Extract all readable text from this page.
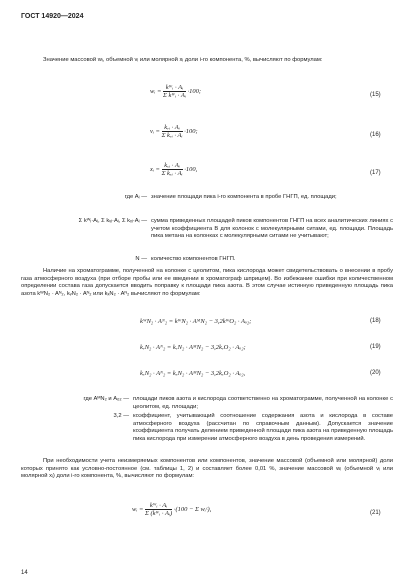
ГОСТ 14920—2024
Значение массовой wᵢ, объемной vᵢ или молярной xᵢ доли i-го компонента, %, вычисляют по формулам:
wᵢ = $\frac{\text{kᵂᵢ · Aᵢ}}{\text{Σ kᵂᵢ · Aᵢ}} \cdot 100$;
(15)
vᵢ = $\frac{\text{kᵥᵢ · Aᵢ}}{\text{Σ kᵥᵢ · Aᵢ}} \cdot 100$;
(16)
xᵢ = $\frac{\text{kₓᵢ · Aᵢ}}{\text{Σ kₓᵢ · Aᵢ}} \cdot 100$,
(17)
где Aᵢ — значение площади пика i-го компонента в пробе ГНГП, ед. площади;
Σ kᵂᵢ·Aᵢ, Σ kᵥᵢ·Aᵢ, Σ kₓᵢ·Aᵢ — сумма приведенных площадей пиков компонентов ГНГП на всех аналитических линиях с учетом коэффициента B для колонок с молекулярными ситами, ед. площади. Площадь пика метана на колонках с молекулярными ситами не учитывают;
N — количество компонентов ГНГП.
Наличие на хроматограмме, полученной на колонке с цеолитом, пика кислорода может свидетельствовать о внесении в пробу газа атмосферного воздуха (при отборе пробы или ее введении в хроматограф шприцем). Во избежание ошибки при количественном определении состава газа допускается вводить поправку к площади пика азота. В этом случае истинную приведенную площадь пика азота kᵂN₂ · Aᴺ₂, kᵥN₂ · Aᴺ₂ или kₓN₂ · Aᴺ₂ вычисляют по формулам:
kᵂN₂ · Aᴺ₂ = kᵂN₂ · AᴹN₂ − 3,2kᵂO₂ · Aₒ₂;	(18)
kᵥN₂ · Aᴺ₂ = kᵥN₂ · AᴹN₂ − 3,2kᵥO₂ · Aₒ₂;	(19)
kₓN₂ · Aᴺ₂ = kₓN₂ · AᴹN₂ − 3,2kₓO₂ · Aₒ₂,	(20)
где AᴹN₂ и Aₒ₂ — площади пиков азота и кислорода соответственно на хроматограмме, полученной на колонке с цеолитом, ед. площади;
3,2 — коэффициент, учитывающий соотношение содержания азота и кислорода в составе атмосферного воздуха (рассчитан по справочным данным). Допускается значение коэффициента получать делением приведенной площади пика азота на приведенную площадь пика кислорода при измерении атмосферного воздуха в день проведения измерений.
При необходимости учета неизмеряемых компонентов или компонентов, значение массовой (объемной или молярной) доли которых принято как условно-постоянное (см. таблицы 1, 2) и составляет более 0,01 %, значение массовой wᵢ (объемной vᵢ или молярной xᵢ) доли i-го компонента, %, вычисляют по формулам:
wᵢ = $\frac{\text{kᵂᵢ · Aᵢ}}{\text{Σ (kᵂᵢ · Aᵢ)}} \cdot(100 - \Sigma$ wᵢᶜ),
(21)
14
